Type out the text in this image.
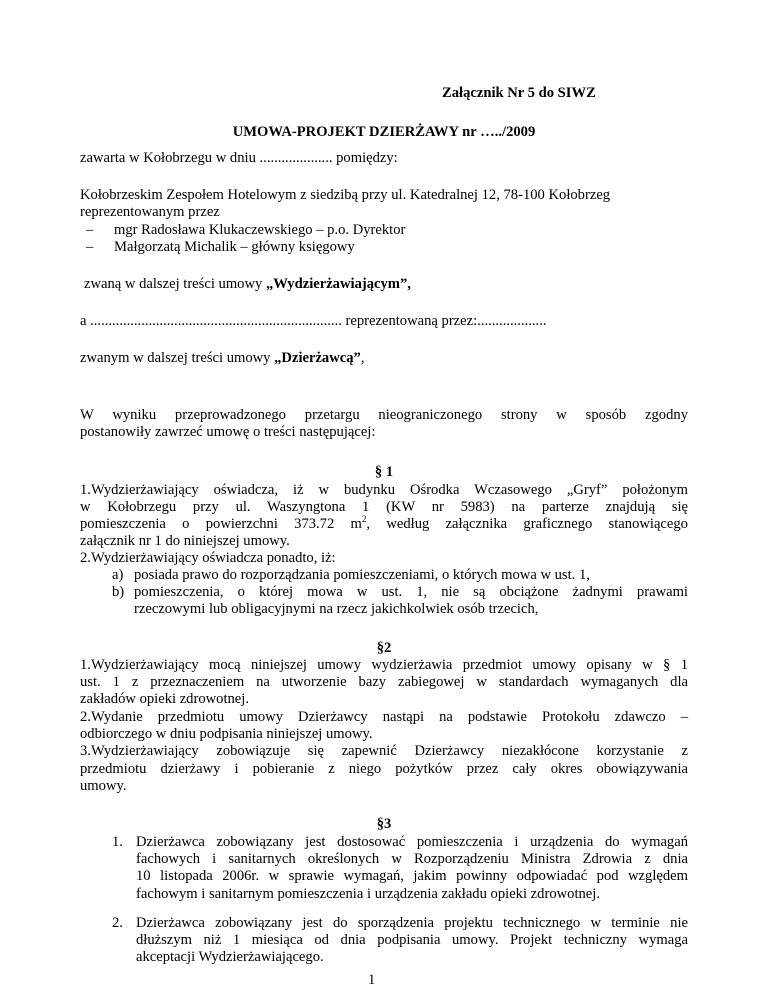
Załącznik Nr 5 do SIWZ
UMOWA-PROJEKT DZIERŻAWY nr …../2009
zawarta w Kołobrzegu w dniu .................... pomiędzy:
Kołobrzeskim Zespołem Hotelowym z siedzibą przy ul. Katedralnej 12, 78-100 Kołobrzeg
reprezentowanym przez
– mgr Radosława Klukaczewskiego – p.o. Dyrektor
– Małgorzatą Michalik – główny księgowy
zwaną w dalszej treści umowy „Wydzierżawiającym”,
a ..................................................................... reprezentowaną przez:...................
zwanym w dalszej treści umowy „Dzierżawcą”,
W wyniku przeprowadzonego przetargu nieograniczonego strony w sposób zgodny
postanowiły zawrzeć umowę o treści następującej:
§ 1
1.Wydzierżawiający oświadcza, iż w budynku Ośrodka Wczasowego „Gryf” położonym
w Kołobrzegu przy ul. Waszyngtona 1 (KW nr 5983) na parterze znajdują się
pomieszczenia o powierzchni 373.72 $m^2$, według załącznika graficznego stanowiącego
załącznik nr 1 do niniejszej umowy.
2.Wydzierżawiający oświadcza ponadto, iż:
a) posiada prawo do rozporządzania pomieszczeniami, o których mowa w ust. 1,
b) pomieszczenia, o której mowa w ust. 1, nie są obciążone żadnymi prawami
rzeczowymi lub obligacyjnymi na rzecz jakichkolwiek osób trzecich,
§2
1.Wydzierżawiający mocą niniejszej umowy wydzierżawia przedmiot umowy opisany w § 1
ust. 1 z przeznaczeniem na utworzenie bazy zabiegowej w standardach wymaganych dla
zakładów opieki zdrowotnej.
2.Wydanie przedmiotu umowy Dzierżawcy nastąpi na podstawie Protokołu zdawczo –
odbiorczego w dniu podpisania niniejszej umowy.
3.Wydzierżawiający zobowiązuje się zapewnić Dzierżawcy niezakłócone korzystanie z
przedmiotu dzierżawy i pobieranie z niego pożytków przez cały okres obowiązywania
umowy.
§3
1. Dzierżawca zobowiązany jest dostosować pomieszczenia i urządzenia do wymagań
fachowych i sanitarnych określonych w Rozporządzeniu Ministra Zdrowia z dnia
10 listopada 2006r. w sprawie wymagań, jakim powinny odpowiadać pod względem
fachowym i sanitarnym pomieszczenia i urządzenia zakładu opieki zdrowotnej.
2. Dzierżawca zobowiązany jest do sporządzenia projektu technicznego w terminie nie
dłuższym niż 1 miesiąca od dnia podpisania umowy. Projekt techniczny wymaga
akceptacji Wydzierżawiającego.
1
